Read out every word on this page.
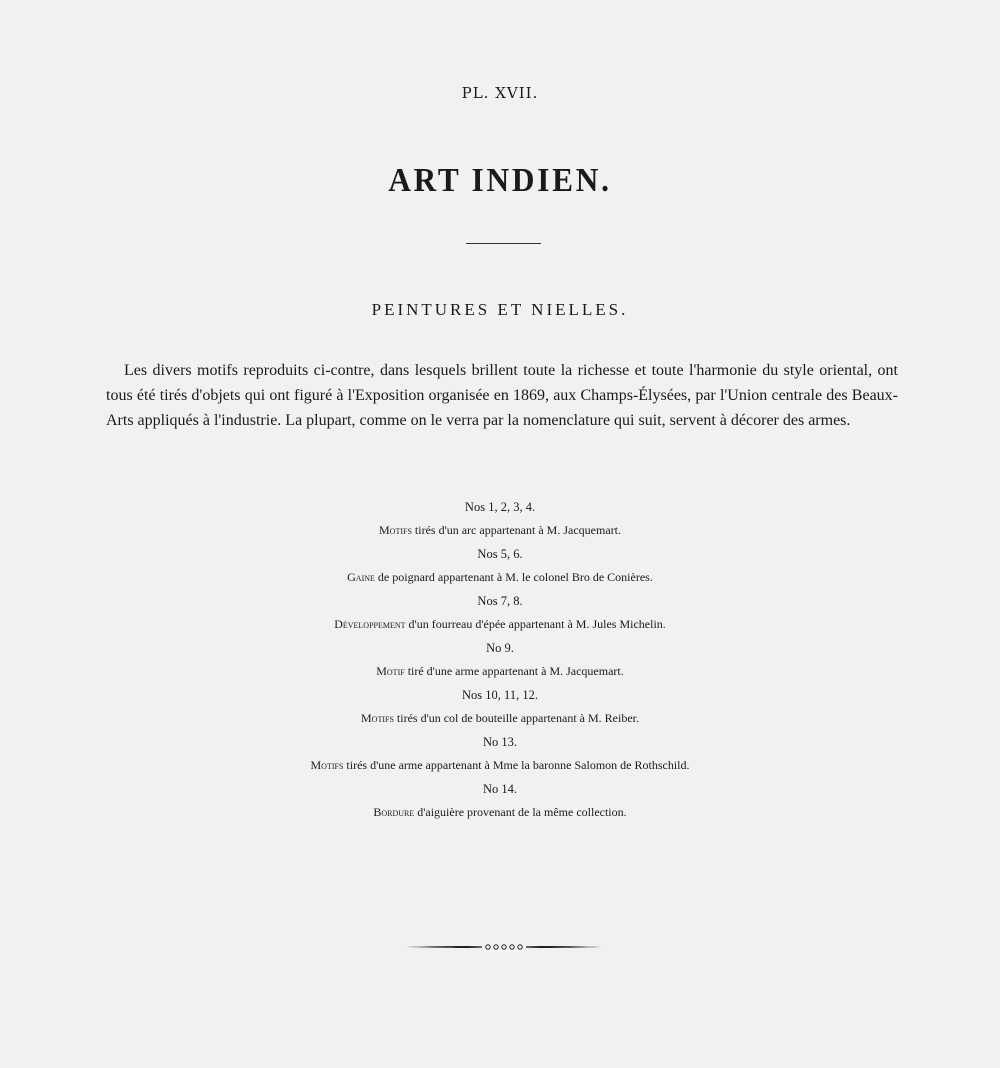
PL. XVII.
ART INDIEN.
PEINTURES ET NIELLES.

Les divers motifs reproduits ci-contre, dans lesquels brillent toute la richesse et toute l'harmonie du style oriental, ont tous été tirés d'objets qui ont figuré à l'Exposition organisée en 1869, aux Champs-Élysées, par l'Union centrale des Beaux-Arts appliqués à l'industrie. La plupart, comme on le verra par la nomenclature qui suit, servent à décorer des armes.

Nos 1, 2, 3, 4.
Motifs tirés d'un arc appartenant à M. Jacquemart.
Nos 5, 6.
Gaine de poignard appartenant à M. le colonel Bro de Conières.
Nos 7, 8.
Développement d'un fourreau d'épée appartenant à M. Jules Michelin.
No 9.
Motif tiré d'une arme appartenant à M. Jacquemart.
Nos 10, 11, 12.
Motifs tirés d'un col de bouteille appartenant à M. Reiber.
No 13.
Motifs tirés d'une arme appartenant à Mme la baronne Salomon de Rothschild.
No 14.
Bordure d'aiguière provenant de la même collection.
